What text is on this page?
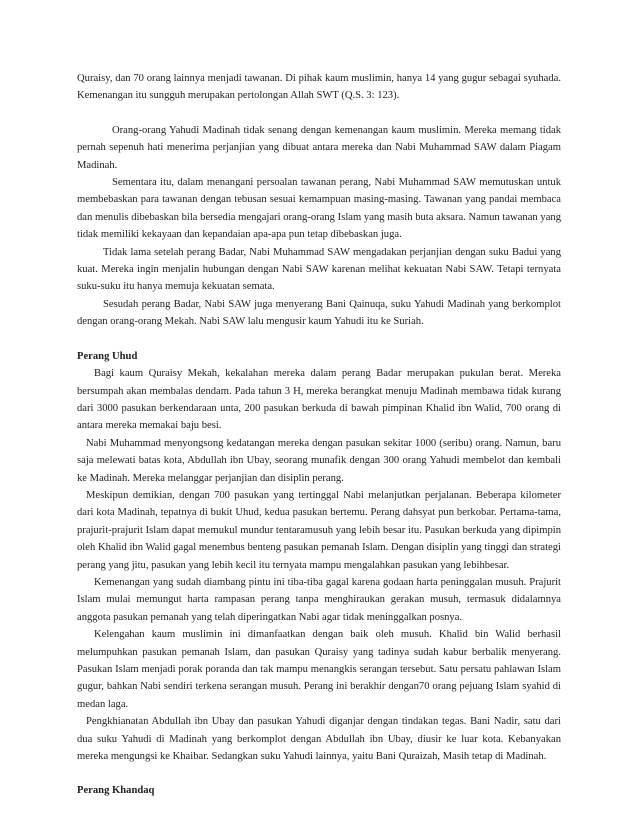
Quraisy, dan 70 orang lainnya menjadi tawanan. Di pihak kaum muslimin, hanya 14 yang gugur sebagai syuhada. Kemenangan itu sungguh merupakan pertolongan Allah SWT (Q.S. 3: 123).

Orang-orang Yahudi Madinah tidak senang dengan kemenangan kaum muslimin. Mereka memang tidak pernah sepenuh hati menerima perjanjian yang dibuat antara mereka dan Nabi Muhammad SAW dalam Piagam Madinah.

Sementara itu, dalam menangani persoalan tawanan perang, Nabi Muhammad SAW memutuskan untuk membebaskan para tawanan dengan tebusan sesuai kemampuan masing-masing. Tawanan yang pandai membaca dan menulis dibebaskan bila bersedia mengajari orang-orang Islam yang masih buta aksara. Namun tawanan yang tidak memiliki kekayaan dan kepandaian apa-apa pun tetap dibebaskan juga.

Tidak lama setelah perang Badar, Nabi Muhammad SAW mengadakan perjanjian dengan suku Badui yang kuat. Mereka ingin menjalin hubungan dengan Nabi SAW karenan melihat kekuatan Nabi SAW. Tetapi ternyata suku-suku itu hanya memuja kekuatan semata.

Sesudah perang Badar, Nabi SAW juga menyerang Bani Qainuqa, suku Yahudi Madinah yang berkomplot dengan orang-orang Mekah. Nabi SAW lalu mengusir kaum Yahudi itu ke Suriah.

Perang Uhud

Bagi kaum Quraisy Mekah, kekalahan mereka dalam perang Badar merupakan pukulan berat. Mereka bersumpah akan membalas dendam. Pada tahun 3 H, mereka berangkat menuju Madinah membawa tidak kurang dari 3000 pasukan berkendaraan unta, 200 pasukan berkuda di bawah pimpinan Khalid ibn Walid, 700 orang di antara mereka memakai baju besi.

Nabi Muhammad menyongsong kedatangan mereka dengan pasukan sekitar 1000 (seribu) orang. Namun, baru saja melewati batas kota, Abdullah ibn Ubay, seorang munafik dengan 300 orang Yahudi membelot dan kembali ke Madinah. Mereka melanggar perjanjian dan disiplin perang.

Meskipun demikian, dengan 700 pasukan yang tertinggal Nabi melanjutkan perjalanan. Beberapa kilometer dari kota Madinah, tepatnya di bukit Uhud, kedua pasukan bertemu. Perang dahsyat pun berkobar. Pertama-tama, prajurit-prajurit Islam dapat memukul mundur tentaramusuh yang lebih besar itu. Pasukan berkuda yang dipimpin oleh Khalid ibn Walid gagal menembus benteng pasukan pemanah Islam. Dengan disiplin yang tinggi dan strategi perang yang jitu, pasukan yang lebih kecil itu ternyata mampu mengalahkan pasukan yang lebihbesar.

Kemenangan yang sudah diambang pintu ini tiba-tiba gagal karena godaan harta peninggalan musuh. Prajurit Islam mulai memungut harta rampasan perang tanpa menghiraukan gerakan musuh, termasuk didalamnya anggota pasukan pemanah yang telah diperingatkan Nabi agar tidak meninggalkan posnya.

Kelengahan kaum muslimin ini dimanfaatkan dengan baik oleh musuh. Khalid bin Walid berhasil melumpuhkan pasukan pemanah Islam, dan pasukan Quraisy yang tadinya sudah kabur berbalik menyerang. Pasukan Islam menjadi porak poranda dan tak mampu menangkis serangan tersebut. Satu persatu pahlawan Islam gugur, bahkan Nabi sendiri terkena serangan musuh. Perang ini berakhir dengan70 orang pejuang Islam syahid di medan laga.

Pengkhianatan Abdullah ibn Ubay dan pasukan Yahudi diganjar dengan tindakan tegas. Bani Nadir, satu dari dua suku Yahudi di Madinah yang berkomplot dengan Abdullah ibn Ubay, diusir ke luar kota. Kebanyakan mereka mengungsi ke Khaibar. Sedangkan suku Yahudi lainnya, yaitu Bani Quraizah, Masih tetap di Madinah.

Perang Khandaq
